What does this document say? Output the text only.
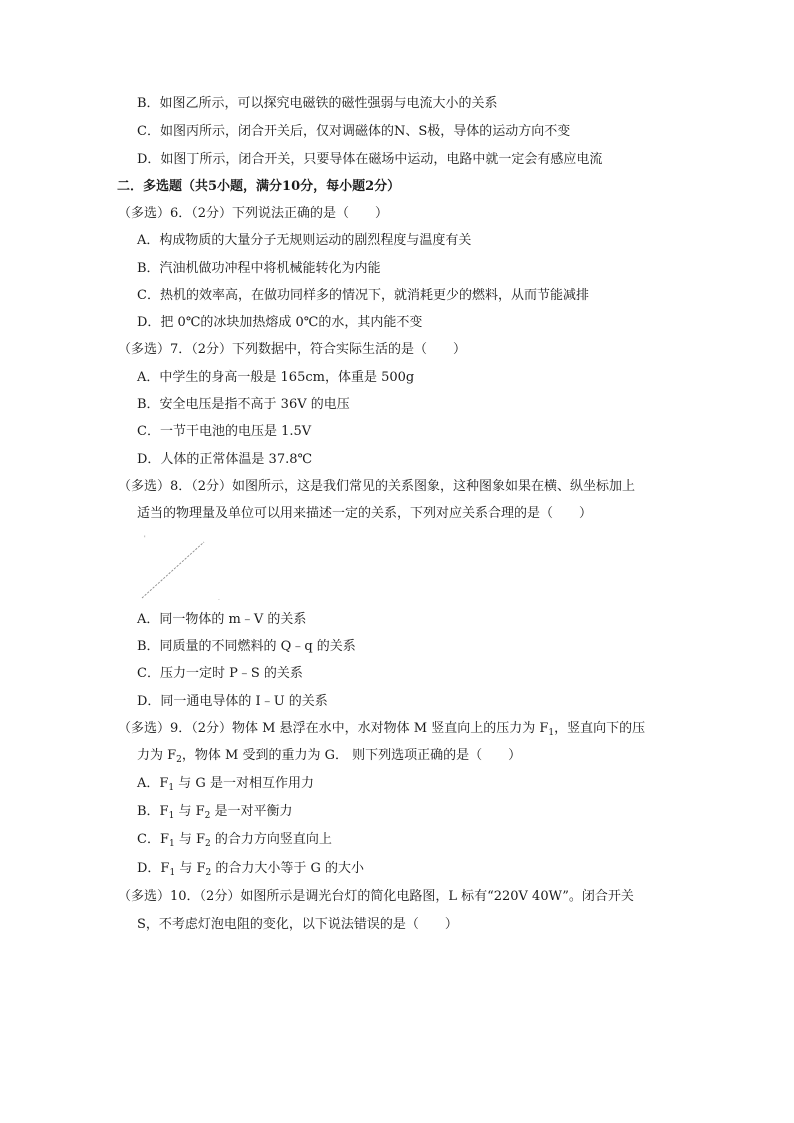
B．如图乙所示，可以探究电磁铁的磁性强弱与电流大小的关系
C．如图丙所示，闭合开关后，仅对调磁体的N、S极，导体的运动方向不变
D．如图丁所示，闭合开关，只要导体在磁场中运动，电路中就一定会有感应电流
二．多选题（共5小题，满分10分，每小题2分）
（多选）6．（2分）下列说法正确的是（　　）
A．构成物质的大量分子无规则运动的剧烈程度与温度有关
B．汽油机做功冲程中将机械能转化为内能
C．热机的效率高，在做功同样多的情况下，就消耗更少的燃料，从而节能减排
D．把 0℃的冰块加热熔成 0℃的水，其内能不变
（多选）7．（2分）下列数据中，符合实际生活的是（　　）
A．中学生的身高一般是 165cm，体重是 500g
B．安全电压是指不高于 36V 的电压
C．一节干电池的电压是 1.5V
D．人体的正常体温是 37.8℃
（多选）8．（2分）如图所示，这是我们常见的关系图象，这种图象如果在横、纵坐标加上
适当的物理量及单位可以用来描述一定的关系，下列对应关系合理的是（　　）
'
.
A．同一物体的 m﹣V 的关系
B．同质量的不同燃料的 Q﹣q 的关系
C．压力一定时 P﹣S 的关系
D．同一通电导体的 I﹣U 的关系
（多选）9．（2分）物体 M 悬浮在水中，水对物体 M 竖直向上的压力为 $F_1$，竖直向下的压
力为 $F_2$，物体 M 受到的重力为 G． 则下列选项正确的是（　　）
A．$F_1$ 与 G 是一对相互作用力
B．$F_1$ 与 $F_2$ 是一对平衡力
C．$F_1$ 与 $F_2$ 的合力方向竖直向上
D．$F_1$ 与 $F_2$ 的合力大小等于 G 的大小
（多选）10．（2分）如图所示是调光台灯的简化电路图，L 标有“220V 40W”。闭合开关
S，不考虑灯泡电阻的变化，以下说法错误的是（　　）
